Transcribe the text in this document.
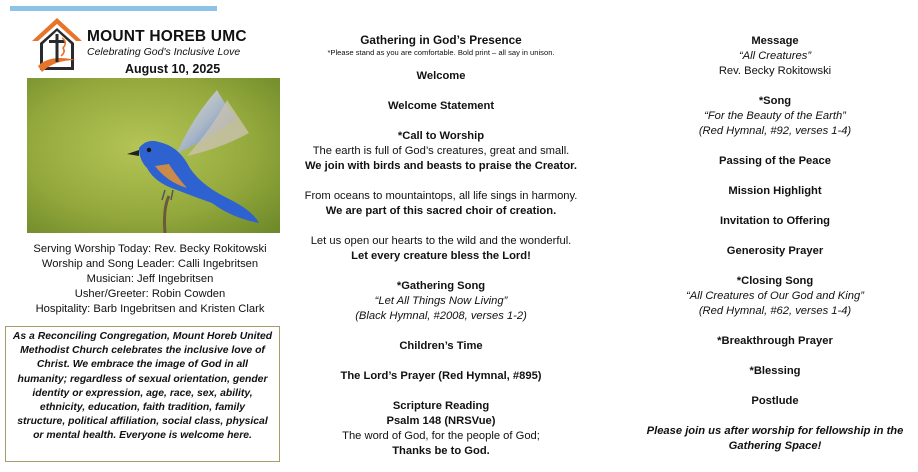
MOUNT HOREB UMC
Celebrating God's Inclusive Love
August 10, 2025
Serving Worship Today: Rev. Becky Rokitowski
Worship and Song Leader: Calli Ingebritsen
Musician: Jeff Ingebritsen
Usher/Greeter: Robin Cowden
Hospitality: Barb Ingebritsen and Kristen Clark
As a Reconciling Congregation, Mount Horeb United
Methodist Church celebrates the inclusive love of
Christ. We embrace the image of God in all
humanity; regardless of sexual orientation, gender
identity or expression, age, race, sex, ability,
ethnicity, education, faith tradition, family
structure, political affiliation, social class, physical
or mental health. Everyone is welcome here.
Gathering in God’s Presence
*Please stand as you are comfortable. Bold print – all say in unison.
Welcome
Welcome Statement
*Call to Worship
The earth is full of God’s creatures, great and small.
We join with birds and beasts to praise the Creator.
From oceans to mountaintops, all life sings in harmony.
We are part of this sacred choir of creation.
Let us open our hearts to the wild and the wonderful.
Let every creature bless the Lord!
*Gathering Song
“Let All Things Now Living”
(Black Hymnal, #2008, verses 1-2)
Children’s Time
The Lord’s Prayer (Red Hymnal, #895)
Scripture Reading
Psalm 148 (NRSVue)
The word of God, for the people of God;
Thanks be to God.
Message
“All Creatures”
Rev. Becky Rokitowski
*Song
“For the Beauty of the Earth”
(Red Hymnal, #92, verses 1-4)
Passing of the Peace
Mission Highlight
Invitation to Offering
Generosity Prayer
*Closing Song
“All Creatures of Our God and King”
(Red Hymnal, #62, verses 1-4)
*Breakthrough Prayer
*Blessing
Postlude
Please join us after worship for fellowship in the
Gathering Space!
